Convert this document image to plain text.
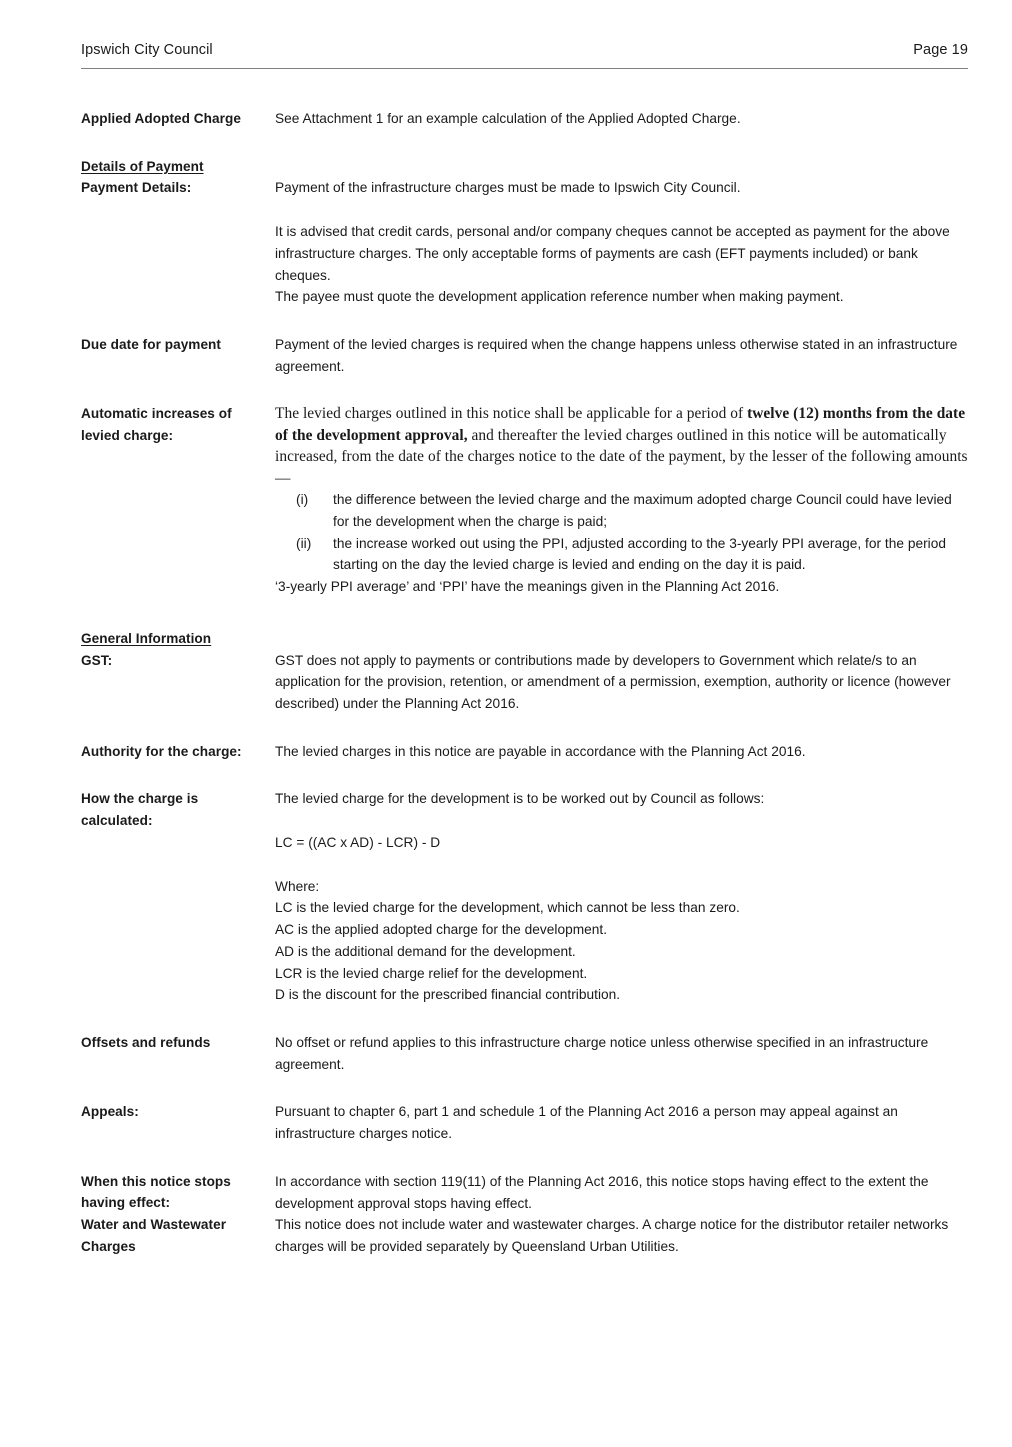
Ipswich City Council	Page 19
Applied Adopted Charge	See Attachment 1 for an example calculation of the Applied Adopted Charge.
Details of Payment

Payment Details:	Payment of the infrastructure charges must be made to Ipswich City Council.
It is advised that credit cards, personal and/or company cheques cannot be accepted as payment for the above infrastructure charges. The only acceptable forms of payments are cash (EFT payments included) or bank cheques.
The payee must quote the development application reference number when making payment.
Due date for payment	Payment of the levied charges is required when the change happens unless otherwise stated in an infrastructure agreement.
Automatic increases of
levied charge:
The levied charges outlined in this notice shall be applicable for a period of twelve (12) months from the date of the development approval, and thereafter the levied charges outlined in this notice will be automatically increased, from the date of the charges notice to the date of the payment, by the lesser of the following amounts—
(i)	the difference between the levied charge and the maximum adopted charge Council could have levied for the development when the charge is paid;
(ii)	the increase worked out using the PPI, adjusted according to the 3-yearly PPI average, for the period starting on the day the levied charge is levied and ending on the day it is paid.
‘3-yearly PPI average’ and ‘PPI’ have the meanings given in the Planning Act 2016.
General Information

GST:	GST does not apply to payments or contributions made by developers to Government which relate/s to an application for the provision, retention, or amendment of a permission, exemption, authority or licence (however described) under the Planning Act 2016.
Authority for the charge:	The levied charges in this notice are payable in accordance with the Planning Act 2016.
How the charge is
calculated:
The levied charge for the development is to be worked out by Council as follows:
LC = ((AC x AD) - LCR) - D
Where:
LC is the levied charge for the development, which cannot be less than zero.
AC is the applied adopted charge for the development.
AD is the additional demand for the development.
LCR is the levied charge relief for the development.
D is the discount for the prescribed financial contribution.
Offsets and refunds	No offset or refund applies to this infrastructure charge notice unless otherwise specified in an infrastructure agreement.
Appeals:	Pursuant to chapter 6, part 1 and schedule 1 of the Planning Act 2016 a person may appeal against an infrastructure charges notice.
When this notice stops
having effect:
In accordance with section 119(11) of the Planning Act 2016, this notice stops having effect to the extent the development approval stops having effect.
Water and Wastewater
Charges
This notice does not include water and wastewater charges. A charge notice for the distributor retailer networks charges will be provided separately by Queensland Urban Utilities.
